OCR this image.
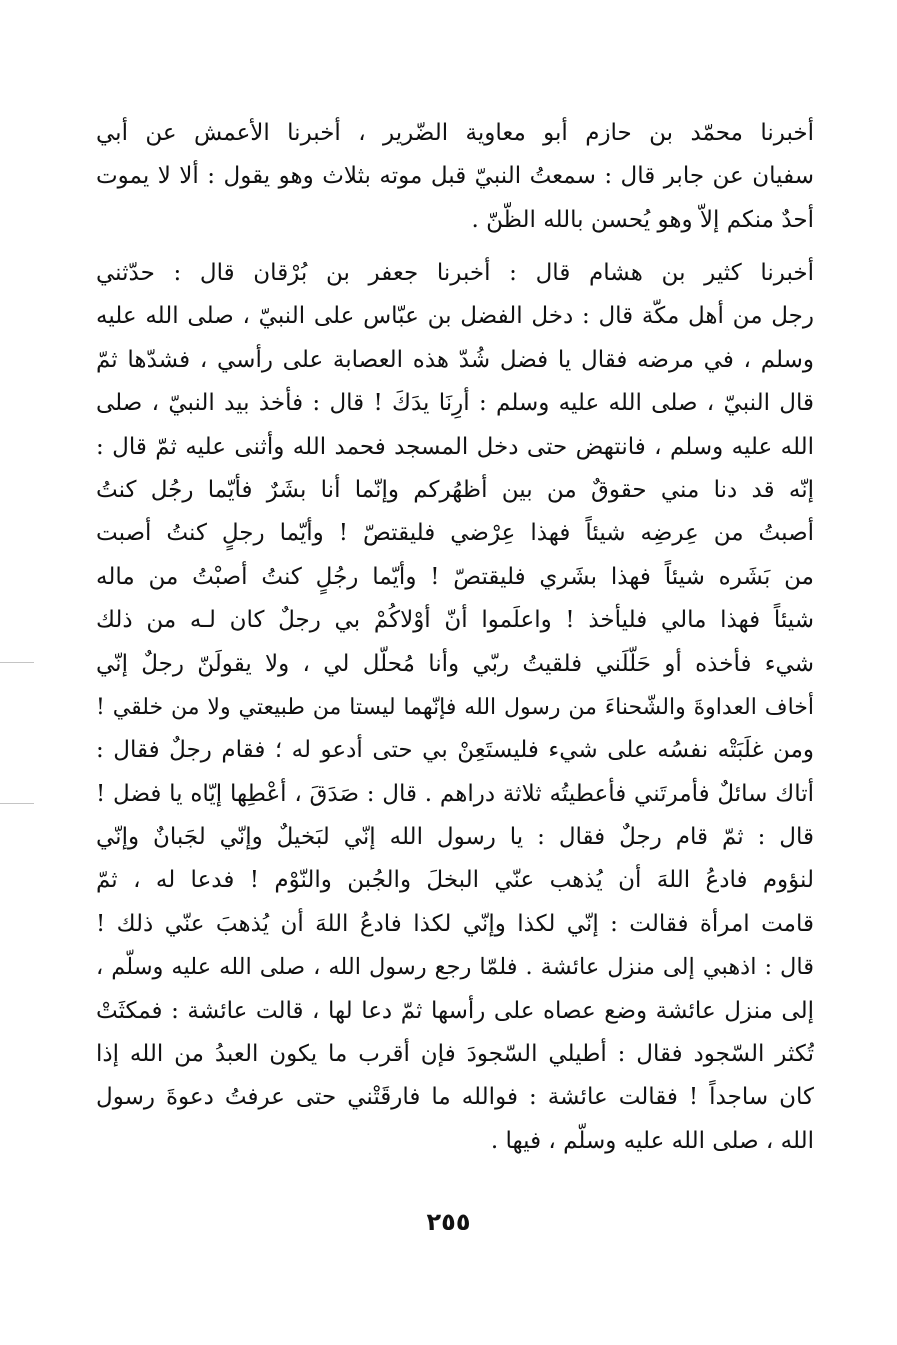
أخبرنا محمّد بن حازم أبو معاوية الضّرير ، أخبرنا الأعمش عن أبي
سفيان عن جابر قال : سمعتُ النبيّ قبل موته بثلاث وهو يقول : ألا لا يموت
أحدٌ منكم إلاّ وهو يُحسن بالله الظّنّ .
أخبرنا كثير بن هشام قال : أخبرنا جعفر بن بُرْقان قال : حدّثني
رجل من أهل مكّة قال : دخل الفضل بن عبّاس على النبيّ ، صلى الله عليه
وسلم ، في مرضه فقال يا فضل شُدّ هذه العصابة على رأسي ، فشدّها ثمّ
قال النبيّ ، صلى الله عليه وسلم : أرِنَا يدَكَ ! قال : فأخذ بيد النبيّ ، صلى
الله عليه وسلم ، فانتهض حتى دخل المسجد فحمد الله وأثنى عليه ثمّ قال :
إنّه قد دنا مني حقوقٌ من بين أظهُركم وإنّما أنا بشَرٌ فأيّما رجُل كنتُ
أصبتُ من عِرضِه شيئاً فهذا عِرْضي فليقتصّ ! وأيّما رجلٍ كنتُ أصبت
من بَشَره شيئاً فهذا بشَري فليقتصّ ! وأيّما رجُلٍ كنتُ أصبْتُ من ماله
شيئاً فهذا مالي فليأخذ ! واعلَموا أنّ أوْلاكُمْ بي رجلٌ كان لـه من ذلك
شيء فأخذه أو حَلّلَني فلقيتُ ربّي وأنا مُحلّل لي ، ولا يقولَنّ رجلٌ إنّي
أخاف العداوةَ والشّحناءَ من رسول الله فإنّهما ليستا من طبيعتي ولا من خلقي !
ومن غلَبَتْه نفسُه على شيء فليستَعِنْ بي حتى أدعو له ؛ فقام رجلٌ فقال :
أتاك سائلٌ فأمرتَني فأعطيتُه ثلاثة دراهم . قال : صَدَقَ ، أعْطِها إيّاه يا فضل !
قال : ثمّ قام رجلٌ فقال : يا رسول الله إنّي لبَخيلٌ وإنّي لجَبانٌ وإنّي
لنؤوم فادعُ اللهَ أن يُذهب عنّي البخلَ والجُبن والنّوْم ! فدعا له ، ثمّ
قامت امرأة فقالت : إنّي لكذا وإنّي لكذا فادعُ اللهَ أن يُذهبَ عنّي ذلك !
قال : اذهبي إلى منزل عائشة . فلمّا رجع رسول الله ، صلى الله عليه وسلّم ،
إلى منزل عائشة وضع عصاه على رأسها ثمّ دعا لها ، قالت عائشة : فمكثَتْ
تُكثر السّجود فقال : أطيلي السّجودَ فإن أقرب ما يكون العبدُ من الله إذا
كان ساجداً ! فقالت عائشة : فوالله ما فارقَتْني حتى عرفتُ دعوةَ رسول
الله ، صلى الله عليه وسلّم ، فيها .
٢٥٥
